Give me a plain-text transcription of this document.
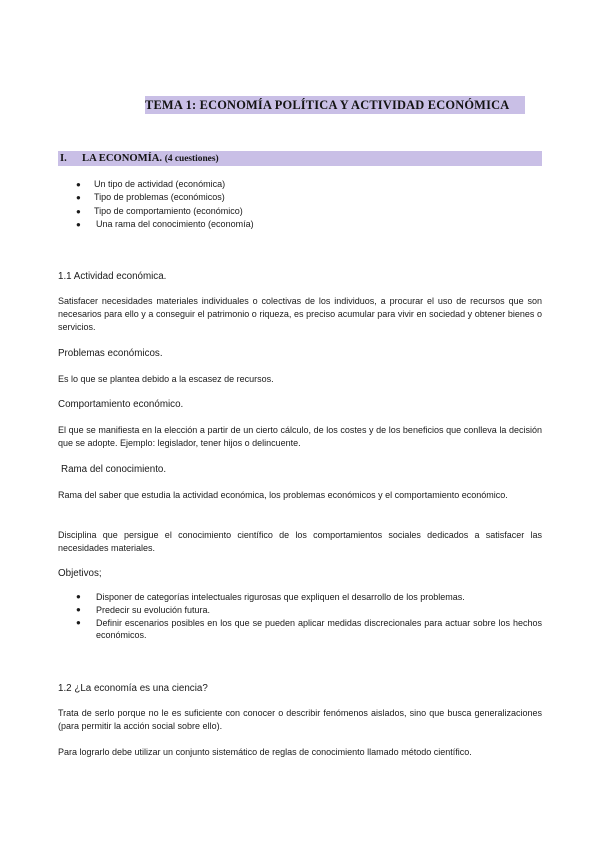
TEMA 1: ECONOMÍA POLÍTICA Y ACTIVIDAD ECONÓMICA
I. LA ECONOMÍA. (4 cuestiones)
● Un tipo de actividad (económica)
● Tipo de problemas (económicos)
● Tipo de comportamiento (económico)
● Una rama del conocimiento (economía)

1.1 Actividad económica.

Satisfacer necesidades materiales individuales o colectivas de los individuos, a procurar el uso de recursos que son necesarios para ello y a conseguir el patrimonio o riqueza, es preciso acumular para vivir en sociedad y obtener bienes o servicios.

Problemas económicos.

Es lo que se plantea debido a la escasez de recursos.

Comportamiento económico.

El que se manifiesta en la elección a partir de un cierto cálculo, de los costes y de los beneficios que conlleva la decisión que se adopte. Ejemplo: legislador, tener hijos o delincuente.

Rama del conocimiento.

Rama del saber que estudia la actividad económica, los problemas económicos y el comportamiento económico.

Disciplina que persigue el conocimiento científico de los comportamientos sociales dedicados a satisfacer las necesidades materiales.

Objetivos;

● Disponer de categorías intelectuales rigurosas que expliquen el desarrollo de los problemas.
● Predecir su evolución futura.
● Definir escenarios posibles en los que se pueden aplicar medidas discrecionales para actuar sobre los hechos económicos.

1.2 ¿La economía es una ciencia?

Trata de serlo porque no le es suficiente con conocer o describir fenómenos aislados, sino que busca generalizaciones (para permitir la acción social sobre ello).

Para lograrlo debe utilizar un conjunto sistemático de reglas de conocimiento llamado método científico.
